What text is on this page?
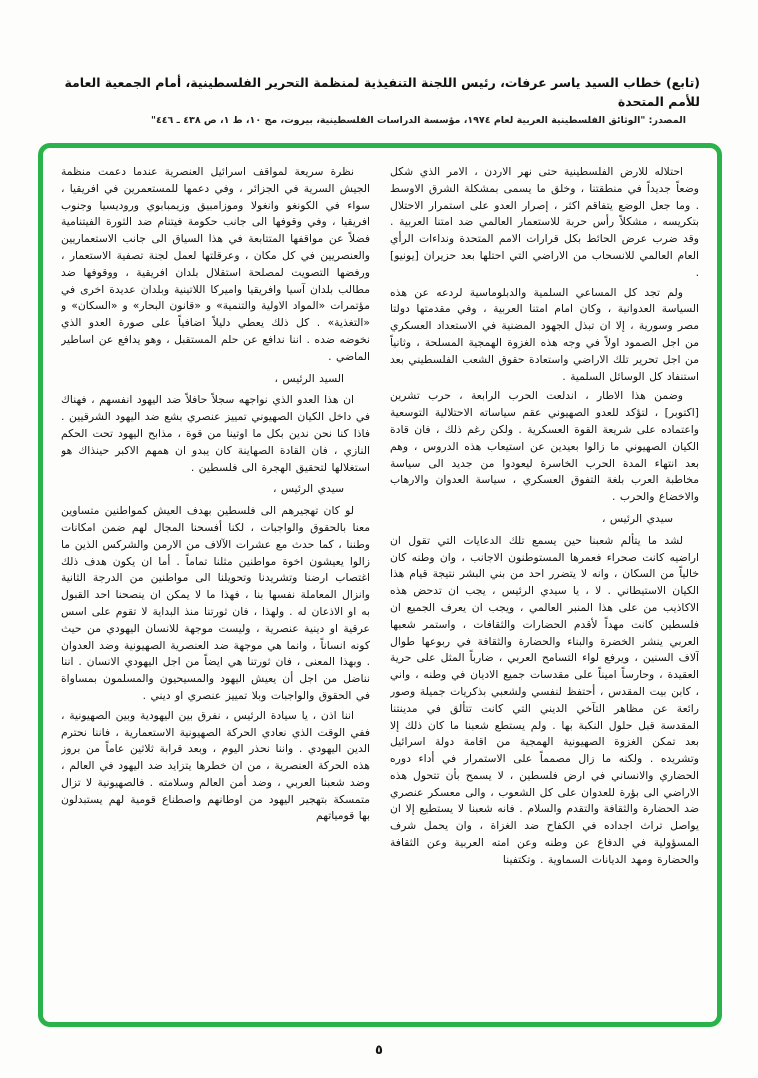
(تابع) خطاب السيد ياسر عرفات، رئيس اللجنة التنفيذية لمنظمة التحرير الفلسطينية، أمام الجمعية العامة للأمم المتحدة
المصدر: "الوثائق الفلسطينية العربية لعام ١٩٧٤، مؤسسة الدراسات الفلسطينية، بيروت، مج ١٠، ط ١، ص ٤٣٨ ـ ٤٤٦"

احتلاله للارض الفلسطينية حتى نهر الاردن ، الامر الذي شكل وضعاً جديداً في منطقتنا ، وخلق ما يسمى بمشكلة الشرق الاوسط . وما جعل الوضع يتفاقم اكثر ، إصرار العدو على استمرار الاحتلال بتكريسه ، مشكلاً رأس حربة للاستعمار العالمي ضد امتنا العربية . وقد ضرب عرض الحائط بكل قرارات الامم المتحدة ونداءات الرأي العام العالمي للانسحاب من الاراضي التي احتلها بعد حزيران [يونيو] .

ولم تجد كل المساعي السلمية والدبلوماسية لردعه عن هذه السياسة العدوانية ، وكان امام امتنا العربية ، وفي مقدمتها دولتا مصر وسورية ، إلا ان تبذل الجهود المضنية في الاستعداد العسكري من اجل الصمود اولاً في وجه هذه الغزوة الهمجية المسلحة ، وثانياً من اجل تحرير تلك الاراضي واستعادة حقوق الشعب الفلسطيني بعد استنفاد كل الوسائل السلمية .

وضمن هذا الاطار ، اندلعت الحرب الرابعة ، حرب تشرين [اكتوبر] ، لتؤكد للعدو الصهيوني عقم سياساته الاحتلالية التوسعية واعتماده على شريعة القوة العسكرية . ولكن رغم ذلك ، فان قادة الكيان الصهيوني ما زالوا بعيدين عن استيعاب هذه الدروس ، وهم بعد انتهاء المدة الحرب الخاسرة ليعودوا من جديد الى سياسة مخاطبة العرب بلغة التفوق العسكري ، سياسة العدوان والارهاب والاخضاع والحرب .

سيدي الرئيس ،

لشد ما يتألم شعبنا حين يسمع تلك الدعايات التي تقول ان اراضيه كانت صحراء فعمرها المستوطنون الاجانب ، وان وطنه كان خالياً من السكان ، وانه لا يتضرر احد من بني البشر نتيجة قيام هذا الكيان الاستيطاني . لا ، يا سيدي الرئيس ، يجب ان تدحض هذه الاكاذيب من على هذا المنبر العالمي ، ويجب ان يعرف الجميع ان فلسطين كانت مهداً لأقدم الحضارات والثقافات ، واستمر شعبها العربي ينشر الخضرة والبناء والحضارة والثقافة في ربوعها طوال آلاف السنين ، ويرفع لواء التسامح العربي ، ضارباً المثل على حرية العقيدة ، وحارساً اميناً على مقدسات جميع الاديان في وطنه ، واني ، كابن بيت المقدس ، أحتفظ لنفسي ولشعبي بذكريات جميلة وصور رائعة عن مظاهر التآخي الديني التي كانت تتألق في مدينتنا المقدسة قبل حلول النكبة بها . ولم يستطع شعبنا ما كان ذلك إلا بعد تمكن الغزوة الصهيونية الهمجية من اقامة دولة اسرائيل وتشريده . ولكنه ما زال مصمماً على الاستمرار في أداء دوره الحضاري والانساني في ارض فلسطين ، لا يسمح بأن تتحول هذه الاراضي الى بؤرة للعدوان على كل الشعوب ، والى معسكر عنصري ضد الحضارة والثقافة والتقدم والسلام . فانه شعبنا لا يستطيع إلا ان يواصل تراث اجداده في الكفاح ضد الغزاة ، وان يحمل شرف المسؤولية في الدفاع عن وطنه وعن امته العربية وعن الثقافة والحضارة ومهد الديانات السماوية . وتكتفينا

نظرة سريعة لمواقف اسرائيل العنصرية عندما دعمت منظمة الجيش السرية في الجزائر ، وفي دعمها للمستعمرين في افريقيا ، سواء في الكونغو وانغولا وموزامبيق وزيمبابوي وروديسيا وجنوب افريقيا ، وفي وقوفها الى جانب حكومة فيتنام ضد الثورة الفيتنامية فضلاً عن مواقفها المتتابعة في هذا السياق الى جانب الاستعماريين والعنصريين في كل مكان ، وعرقلتها لعمل لجنة تصفية الاستعمار ، ورفضها التصويت لمصلحة استقلال بلدان افريقية ، ووقوفها ضد مطالب بلدان آسيا وافريقيا واميركا اللاتينية وبلدان عديدة اخرى في مؤتمرات «المواد الاولية والتنمية» و «قانون البحار» و «السكان» و «التغذية» . كل ذلك يعطي دليلاً اضافياً على صورة العدو الذي نخوضه ضده . اننا ندافع عن حلم المستقبل ، وهو يدافع عن اساطير الماضي .

السيد الرئيس ،

ان هذا العدو الذي نواجهه سجلاً حافلاً ضد اليهود انفسهم ، فهناك في داخل الكيان الصهيوني تمييز عنصري بشع ضد اليهود الشرقيين . فاذا كنا نحن ندين بكل ما اوتينا من قوة ، مذابح اليهود تحت الحكم النازي ، فان القادة الصهاينة كان يبدو ان همهم الاكبر حينذاك هو استغلالها لتحقيق الهجرة الى فلسطين .

سيدي الرئيس ،

لو كان تهجيرهم الى فلسطين بهدف العيش كمواطنين متساوين معنا بالحقوق والواجبات ، لكنا أفسحنا المجال لهم ضمن امكانات وطننا ، كما حدث مع عشرات الآلاف من الارمن والشركس الذين ما زالوا يعيشون اخوة مواطنين مثلنا تماماً . أما ان يكون هدف ذلك اغتصاب ارضنا وتشريدنا وتحويلنا الى مواطنين من الدرجة الثانية وانزال المعاملة نفسها بنا ، فهذا ما لا يمكن ان ينصحنا احد القبول به او الاذعان له . ولهذا ، فان ثورتنا منذ البداية لا تقوم على اسس عرقية او دينية عنصرية ، وليست موجهة للانسان اليهودي من حيث كونه انساناً ، وانما هي موجهة ضد العنصرية الصهيونية وضد العدوان . وبهذا المعنى ، فان ثورتنا هي ايضاً من اجل اليهودي الانسان . اننا نناضل من اجل أن يعيش اليهود والمسيحيون والمسلمون بمساواة في الحقوق والواجبات وبلا تمييز عنصري او ديني .

اننا اذن ، يا سيادة الرئيس ، نفرق بين اليهودية وبين الصهيونية ، ففي الوقت الذي نعادي الحركة الصهيونية الاستعمارية ، فاننا نحترم الدين اليهودي . واننا نحذر اليوم ، وبعد قرابة ثلاثين عاماً من بروز هذه الحركة العنصرية ، من ان خطرها يتزايد ضد اليهود في العالم ، وضد شعبنا العربي ، وضد أمن العالم وسلامته . فالصهيونية لا تزال متمسكة بتهجير اليهود من اوطانهم واصطناع قومية لهم يستبدلون بها قومياتهم

٥
